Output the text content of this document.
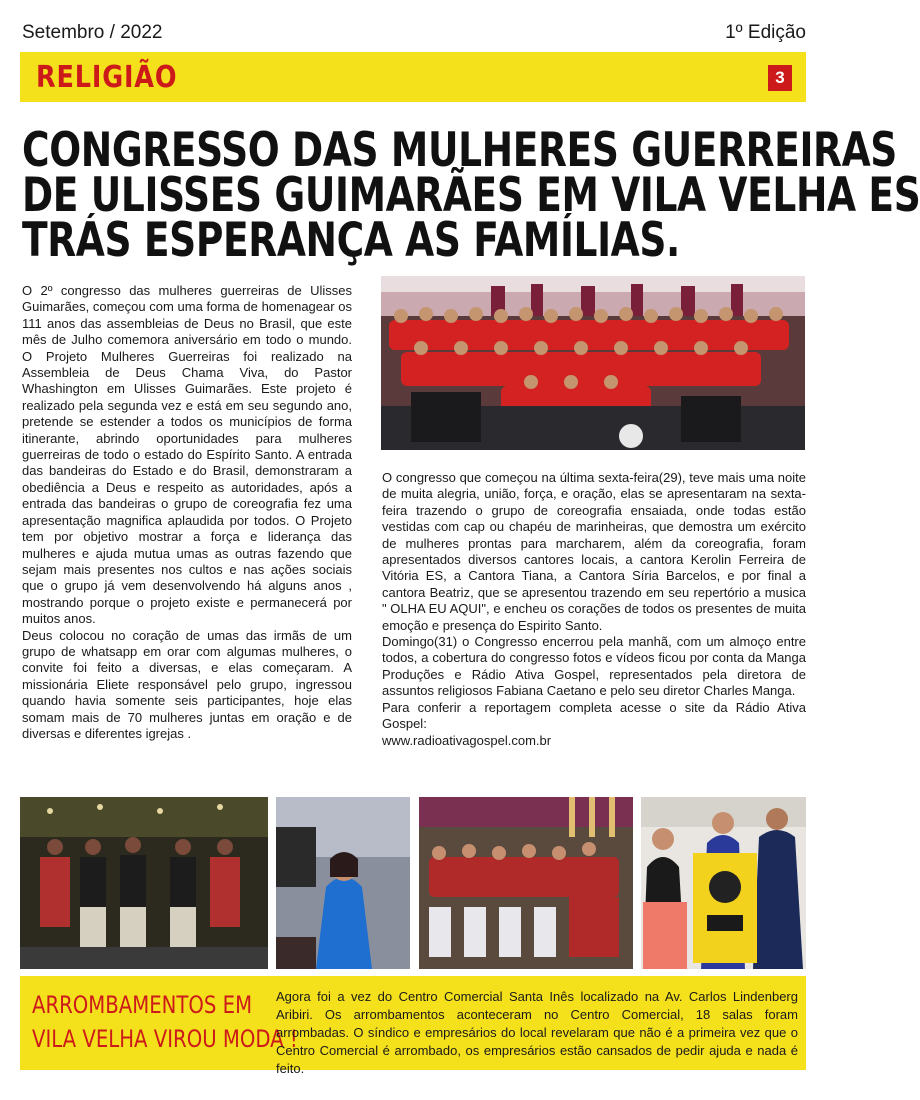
Setembro / 2022	1º Edição
RELIGIÃO	3
CONGRESSO DAS MULHERES GUERREIRAS
DE ULISSES GUIMARÃES EM VILA VELHA ES
TRÁS ESPERANÇA AS FAMÍLIAS.

O 2º congresso das mulheres guerreiras de Ulisses Guimarães, começou com uma forma de homenagear os 111 anos das assembleias de Deus no Brasil, que este mês de Julho comemora aniversário em todo o mundo. O Projeto Mulheres Guerreiras foi realizado na Assembleia de Deus Chama Viva, do Pastor Whashington em Ulisses Guimarães. Este projeto é realizado pela segunda vez e está em seu segundo ano, pretende se estender a todos os municípios de forma itinerante, abrindo oportunidades para mulheres guerreiras de todo o estado do Espírito Santo. A entrada das bandeiras do Estado e do Brasil, demonstraram a obediência a Deus e respeito as autoridades, após a entrada das bandeiras o grupo de coreografia fez uma apresentação magnifica aplaudida por todos. O Projeto tem por objetivo mostrar a força e liderança das mulheres e ajuda mutua umas as outras fazendo que sejam mais presentes nos cultos e nas ações sociais que o grupo já vem desenvolvendo há alguns anos , mostrando porque o projeto existe e permanecerá por muitos anos.

Deus colocou no coração de umas das irmãs de um grupo de whatsapp em orar com algumas mulheres, o convite foi feito a diversas, e elas começaram. A missionária Eliete responsável pelo grupo, ingressou quando havia somente seis participantes, hoje elas somam mais de 70 mulheres juntas em oração e de diversas e diferentes igrejas .

O congresso que começou na última sexta-feira(29), teve mais uma noite de muita alegria, união, força, e oração, elas se apresentaram na sexta-feira trazendo o grupo de coreografia ensaiada, onde todas estão vestidas com cap ou chapéu de marinheiras, que demostra um exército de mulheres prontas para marcharem, além da coreografia, foram apresentados diversos cantores locais, a cantora Kerolin Ferreira de Vitória ES, a Cantora Tiana, a Cantora Síria Barcelos, e por final a cantora Beatriz, que se apresentou trazendo em seu repertório a musica " OLHA EU AQUI", e encheu os corações de todos os presentes de muita emoção e presença do Espirito Santo.

Domingo(31) o Congresso encerrou pela manhã, com um almoço entre todos, a cobertura do congresso fotos e vídeos ficou por conta da Manga Produções e Rádio Ativa Gospel, representados pela diretora de assuntos religiosos Fabiana Caetano e pelo seu diretor Charles Manga.

Para conferir a reportagem completa acesse o site da Rádio Ativa Gospel:

www.radioativagospel.com.br
ARROMBAMENTOS EM
VILA VELHA VIROU MODA !

Agora foi a vez do Centro Comercial Santa Inês localizado na Av. Carlos Lindenberg Aribiri. Os arrombamentos aconteceram no Centro Comercial, 18 salas foram arrombadas. O síndico e empresários do local revelaram que não é a primeira vez que o Centro Comercial é arrombado, os empresários estão cansados de pedir ajuda e nada é feito.
